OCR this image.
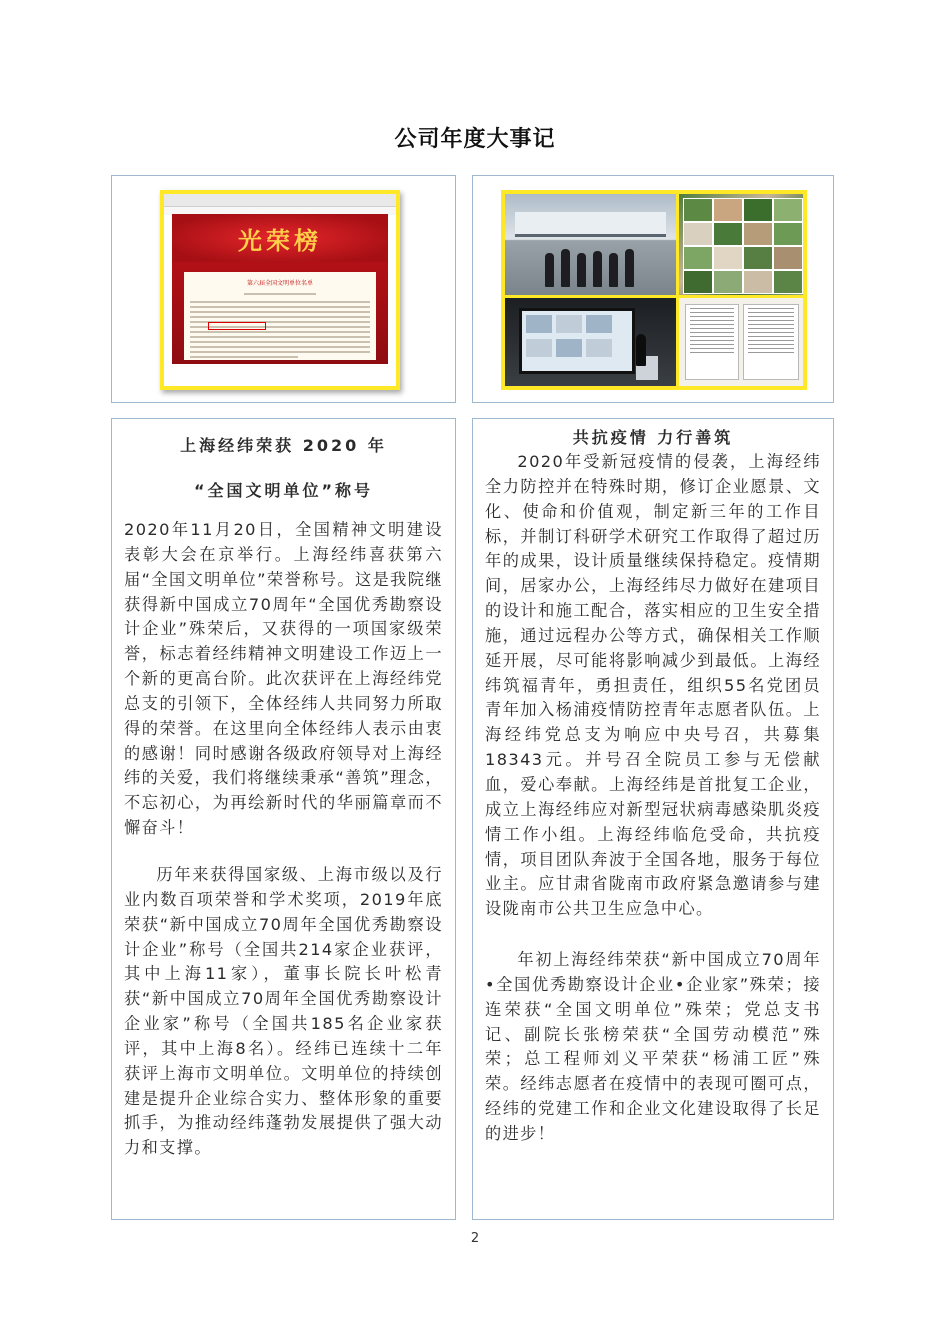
公司年度大事记
光荣榜
第六届全国文明单位名单
上海经纬荣获 2020 年
“全国文明单位”称号

2020年11月20日，全国精神文明建设表彰大会在京举行。上海经纬喜获第六届“全国文明单位”荣誉称号。这是我院继获得新中国成立70周年“全国优秀勘察设计企业”殊荣后，又获得的一项国家级荣誉，标志着经纬精神文明建设工作迈上一个新的更高台阶。此次获评在上海经纬党总支的引领下，全体经纬人共同努力所取得的荣誉。在这里向全体经纬人表示由衷的感谢！同时感谢各级政府领导对上海经纬的关爱，我们将继续秉承“善筑”理念，不忘初心，为再绘新时代的华丽篇章而不懈奋斗！

历年来获得国家级、上海市级以及行业内数百项荣誉和学术奖项，2019年底荣获“新中国成立70周年全国优秀勘察设计企业”称号（全国共214家企业获评，其中上海11家），董事长院长叶松青获“新中国成立70周年全国优秀勘察设计企业家”称号（全国共185名企业家获评，其中上海8名）。经纬已连续十二年获评上海市文明单位。文明单位的持续创建是提升企业综合实力、整体形象的重要抓手，为推动经纬蓬勃发展提供了强大动力和支撑。

共抗疫情 力行善筑

2020年受新冠疫情的侵袭，上海经纬全力防控并在特殊时期，修订企业愿景、文化、使命和价值观，制定新三年的工作目标，并制订科研学术研究工作取得了超过历年的成果，设计质量继续保持稳定。疫情期间，居家办公，上海经纬尽力做好在建项目的设计和施工配合，落实相应的卫生安全措施，通过远程办公等方式，确保相关工作顺延开展，尽可能将影响减少到最低。上海经纬筑福青年，勇担责任，组织55名党团员青年加入杨浦疫情防控青年志愿者队伍。上海经纬党总支为响应中央号召，共募集18343元。并号召全院员工参与无偿献血，爱心奉献。上海经纬是首批复工企业，成立上海经纬应对新型冠状病毒感染肌炎疫情工作小组。上海经纬临危受命，共抗疫情，项目团队奔波于全国各地，服务于每位业主。应甘肃省陇南市政府紧急邀请参与建设陇南市公共卫生应急中心。

年初上海经纬荣获“新中国成立70周年•全国优秀勘察设计企业•企业家”殊荣；接连荣获“全国文明单位”殊荣；党总支书记、副院长张榜荣获“全国劳动模范”殊荣；总工程师刘义平荣获“杨浦工匠”殊荣。经纬志愿者在疫情中的表现可圈可点，经纬的党建工作和企业文化建设取得了长足的进步！

2
